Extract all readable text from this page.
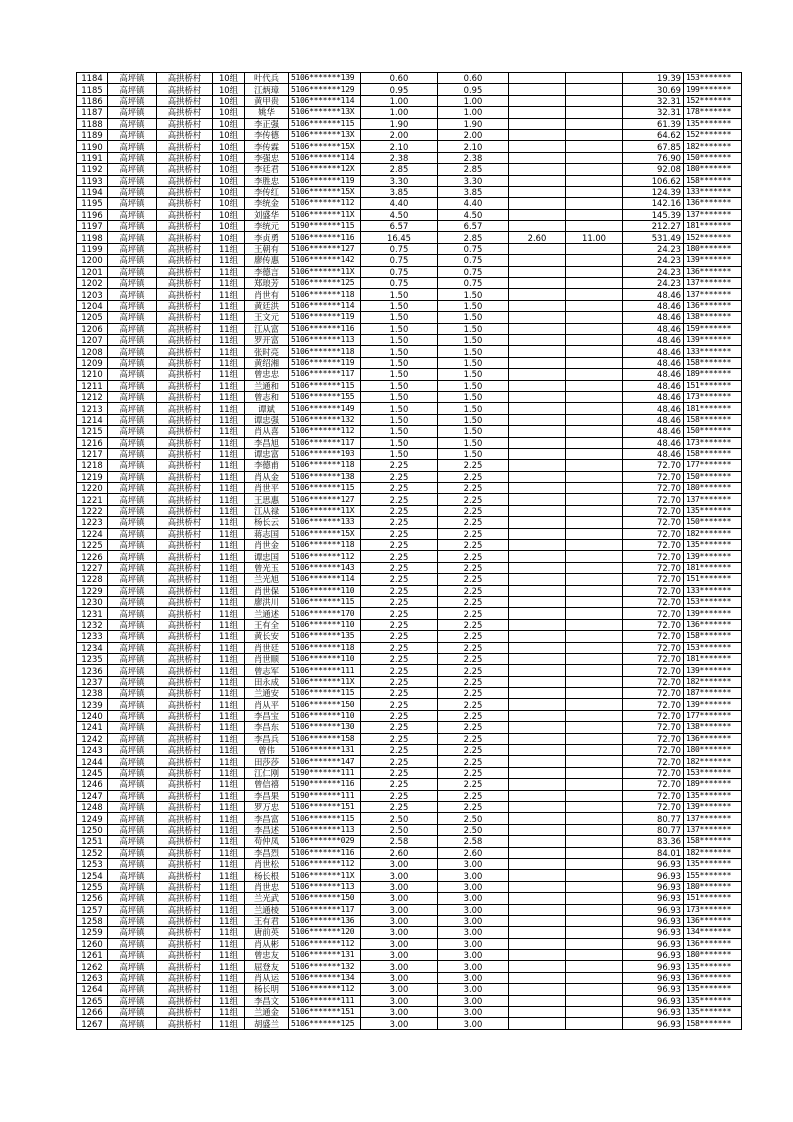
1184	高坪镇	高拱桥村	10组	叶代兵	5106*******139	0.60	0.60			19.39	153*******
1185	高坪镇	高拱桥村	10组	江炳璋	5106*******129	0.95	0.95			30.69	199*******
1186	高坪镇	高拱桥村	10组	黄甲贵	5106*******114	1.00	1.00			32.31	152*******
1187	高坪镇	高拱桥村	10组	姚华	5106*******13X	1.00	1.00			32.31	178*******
1188	高坪镇	高拱桥村	10组	李正强	5106*******115	1.90	1.90			61.39	135*******
1189	高坪镇	高拱桥村	10组	李传德	5106*******13X	2.00	2.00			64.62	152*******
1190	高坪镇	高拱桥村	10组	李传霖	5106*******15X	2.10	2.10			67.85	182*******
1191	高坪镇	高拱桥村	10组	李强忠	5106*******114	2.38	2.38			76.90	150*******
1192	高坪镇	高拱桥村	10组	李廷君	5106*******12X	2.85	2.85			92.08	180*******
1193	高坪镇	高拱桥村	10组	李胜忠	5106*******119	3.30	3.30			106.62	158*******
1194	高坪镇	高拱桥村	10组	李传红	5106*******15X	3.85	3.85			124.39	133*******
1195	高坪镇	高拱桥村	10组	李统金	5106*******112	4.40	4.40			142.16	136*******
1196	高坪镇	高拱桥村	10组	刘盛华	5106*******11X	4.50	4.50			145.39	137*******
1197	高坪镇	高拱桥村	10组	李统元	5190*******115	6.57	6.57			212.27	181*******
1198	高坪镇	高拱桥村	10组	李贞勇	5106*******116	16.45	2.85	2.60	11.00	531.49	152*******
1199	高坪镇	高拱桥村	11组	王朝有	5106*******127	0.75	0.75			24.23	180*******
1200	高坪镇	高拱桥村	11组	廖传惠	5106*******142	0.75	0.75			24.23	139*******
1201	高坪镇	高拱桥村	11组	李德言	5106*******11X	0.75	0.75			24.23	136*******
1202	高坪镇	高拱桥村	11组	郑琅芳	5106*******125	0.75	0.75			24.23	137*******
1203	高坪镇	高拱桥村	11组	肖世有	5106*******118	1.50	1.50			48.46	137*******
1204	高坪镇	高拱桥村	11组	黄廷洪	5106*******114	1.50	1.50			48.46	136*******
1205	高坪镇	高拱桥村	11组	王文元	5106*******119	1.50	1.50			48.46	138*******
1206	高坪镇	高拱桥村	11组	江从富	5106*******116	1.50	1.50			48.46	159*******
1207	高坪镇	高拱桥村	11组	罗开富	5106*******113	1.50	1.50			48.46	139*******
1208	高坪镇	高拱桥村	11组	张时亮	5106*******118	1.50	1.50			48.46	133*******
1209	高坪镇	高拱桥村	11组	黄绍湘	5106*******119	1.50	1.50			48.46	158*******
1210	高坪镇	高拱桥村	11组	曾忠忠	5106*******117	1.50	1.50			48.46	189*******
1211	高坪镇	高拱桥村	11组	兰通和	5106*******115	1.50	1.50			48.46	151*******
1212	高坪镇	高拱桥村	11组	曾志和	5106*******155	1.50	1.50			48.46	173*******
1213	高坪镇	高拱桥村	11组	谭斌	5106*******149	1.50	1.50			48.46	181*******
1214	高坪镇	高拱桥村	11组	谭忠强	5106*******132	1.50	1.50			48.46	158*******
1215	高坪镇	高拱桥村	11组	肖从喜	5106*******112	1.50	1.50			48.46	150*******
1216	高坪镇	高拱桥村	11组	李昌旭	5106*******117	1.50	1.50			48.46	173*******
1217	高坪镇	高拱桥村	11组	谭忠富	5106*******193	1.50	1.50			48.46	158*******
1218	高坪镇	高拱桥村	11组	李德甫	5106*******118	2.25	2.25			72.70	177*******
1219	高坪镇	高拱桥村	11组	肖从金	5106*******138	2.25	2.25			72.70	150*******
1220	高坪镇	高拱桥村	11组	肖世平	5106*******115	2.25	2.25			72.70	180*******
1221	高坪镇	高拱桥村	11组	王思惠	5106*******127	2.25	2.25			72.70	137*******
1222	高坪镇	高拱桥村	11组	江从禄	5106*******11X	2.25	2.25			72.70	135*******
1223	高坪镇	高拱桥村	11组	杨长云	5106*******133	2.25	2.25			72.70	150*******
1224	高坪镇	高拱桥村	11组	蒋志国	5106*******15X	2.25	2.25			72.70	182*******
1225	高坪镇	高拱桥村	11组	肖世金	5106*******118	2.25	2.25			72.70	135*******
1226	高坪镇	高拱桥村	11组	谭忠国	5106*******112	2.25	2.25			72.70	139*******
1227	高坪镇	高拱桥村	11组	曾光玉	5106*******143	2.25	2.25			72.70	181*******
1228	高坪镇	高拱桥村	11组	兰光旭	5106*******114	2.25	2.25			72.70	151*******
1229	高坪镇	高拱桥村	11组	肖世保	5106*******110	2.25	2.25			72.70	133*******
1230	高坪镇	高拱桥村	11组	廖洪川	5106*******115	2.25	2.25			72.70	153*******
1231	高坪镇	高拱桥村	11组	兰通述	5106*******170	2.25	2.25			72.70	139*******
1232	高坪镇	高拱桥村	11组	王有全	5106*******110	2.25	2.25			72.70	136*******
1233	高坪镇	高拱桥村	11组	黄长安	5106*******135	2.25	2.25			72.70	158*******
1234	高坪镇	高拱桥村	11组	肖世廷	5106*******118	2.25	2.25			72.70	153*******
1235	高坪镇	高拱桥村	11组	肖世顺	5106*******110	2.25	2.25			72.70	181*******
1236	高坪镇	高拱桥村	11组	曾志军	5106*******111	2.25	2.25			72.70	139*******
1237	高坪镇	高拱桥村	11组	田永成	5106*******11X	2.25	2.25			72.70	182*******
1238	高坪镇	高拱桥村	11组	兰通安	5106*******115	2.25	2.25			72.70	187*******
1239	高坪镇	高拱桥村	11组	肖从平	5106*******150	2.25	2.25			72.70	139*******
1240	高坪镇	高拱桥村	11组	李昌宝	5106*******110	2.25	2.25			72.70	177*******
1241	高坪镇	高拱桥村	11组	李昌东	5106*******130	2.25	2.25			72.70	138*******
1242	高坪镇	高拱桥村	11组	李昌兵	5106*******158	2.25	2.25			72.70	136*******
1243	高坪镇	高拱桥村	11组	曾伟	5106*******131	2.25	2.25			72.70	180*******
1244	高坪镇	高拱桥村	11组	田莎莎	5106*******147	2.25	2.25			72.70	182*******
1245	高坪镇	高拱桥村	11组	江仁刚	5190*******111	2.25	2.25			72.70	153*******
1246	高坪镇	高拱桥村	11组	曾信禧	5190*******116	2.25	2.25			72.70	189*******
1247	高坪镇	高拱桥村	11组	李昌果	5190*******111	2.25	2.25			72.70	135*******
1248	高坪镇	高拱桥村	11组	罗万忠	5106*******151	2.25	2.25			72.70	139*******
1249	高坪镇	高拱桥村	11组	李昌富	5106*******115	2.50	2.50			80.77	137*******
1250	高坪镇	高拱桥村	11组	李昌述	5106*******113	2.50	2.50			80.77	137*******
1251	高坪镇	高拱桥村	11组	苟仲凤	5106*******029	2.58	2.58			83.36	158*******
1252	高坪镇	高拱桥村	11组	李昌烈	5106*******116	2.60	2.60			84.01	182*******
1253	高坪镇	高拱桥村	11组	肖世松	5106*******112	3.00	3.00			96.93	135*******
1254	高坪镇	高拱桥村	11组	杨长根	5106*******11X	3.00	3.00			96.93	155*******
1255	高坪镇	高拱桥村	11组	肖世忠	5106*******113	3.00	3.00			96.93	180*******
1256	高坪镇	高拱桥村	11组	兰光武	5106*******150	3.00	3.00			96.93	151*******
1257	高坪镇	高拱桥村	11组	兰通棱	5106*******117	3.00	3.00			96.93	173*******
1258	高坪镇	高拱桥村	11组	王有君	5106*******136	3.00	3.00			96.93	136*******
1259	高坪镇	高拱桥村	11组	唐前英	5106*******120	3.00	3.00			96.93	134*******
1260	高坪镇	高拱桥村	11组	肖从彬	5106*******112	3.00	3.00			96.93	136*******
1261	高坪镇	高拱桥村	11组	曾忠友	5106*******131	3.00	3.00			96.93	180*******
1262	高坪镇	高拱桥村	11组	屈登友	5106*******132	3.00	3.00			96.93	135*******
1263	高坪镇	高拱桥村	11组	肖从运	5106*******134	3.00	3.00			96.93	136*******
1264	高坪镇	高拱桥村	11组	杨长明	5106*******112	3.00	3.00			96.93	135*******
1265	高坪镇	高拱桥村	11组	李昌文	5106*******111	3.00	3.00			96.93	135*******
1266	高坪镇	高拱桥村	11组	兰通金	5106*******151	3.00	3.00			96.93	135*******
1267	高坪镇	高拱桥村	11组	胡盛兰	5106*******125	3.00	3.00			96.93	158*******
